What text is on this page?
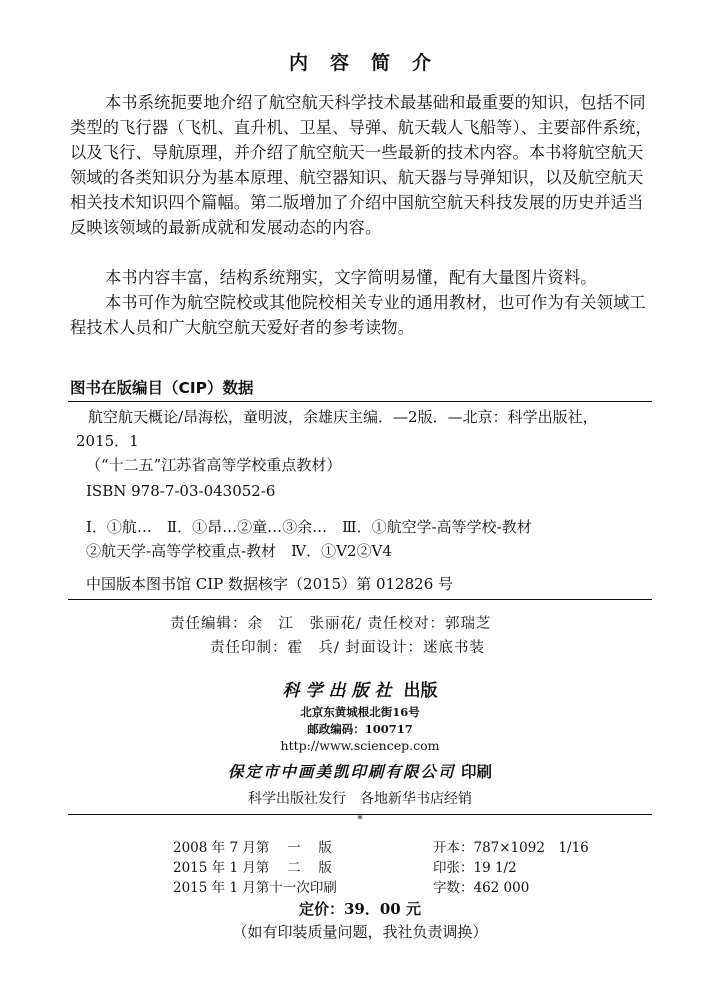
内容简介

本书系统扼要地介绍了航空航天科学技术最基础和最重要的知识，包括不同类型的飞行器（飞机、直升机、卫星、导弹、航天载人飞船等）、主要部件系统，以及飞行、导航原理，并介绍了航空航天一些最新的技术内容。本书将航空航天领域的各类知识分为基本原理、航空器知识、航天器与导弹知识，以及航空航天相关技术知识四个篇幅。第二版增加了介绍中国航空航天科技发展的历史并适当反映该领域的最新成就和发展动态的内容。

本书内容丰富，结构系统翔实，文字简明易懂，配有大量图片资料。

本书可作为航空院校或其他院校相关专业的通用教材，也可作为有关领域工程技术人员和广大航空航天爱好者的参考读物。

图书在版编目（CIP）数据

航空航天概论/昂海松，童明波，余雄庆主编．—2版．—北京：科学出版社，2015．1

（“十二五”江苏省高等学校重点教材）

ISBN 978-7-03-043052-6

Ⅰ．①航…　Ⅱ．①昂…②童…③余…　Ⅲ．①航空学-高等学校-教材

②航天学-高等学校重点-教材　Ⅳ．①Ⅴ2②Ⅴ4

中国版本图书馆 CIP 数据核字（2015）第 012826 号

责任编辑：余　江　张丽花/ 责任校对：郭瑞芝
责任印制：霍　兵/ 封面设计：迷底书装
科学出版社 出版
北京东黄城根北街16号
邮政编码：100717
http://www.sciencep.com
保定市中画美凯印刷有限公司 印刷
科学出版社发行　各地新华书店经销
*
2008 年 7 月第　 一　 版
2015 年 1 月第　 二　 版
2015 年 1 月第十一次印刷
开本：787×1092　1/16
印张：19 1/2
字数：462 000
定价：39．00 元
（如有印装质量问题，我社负责调换）
